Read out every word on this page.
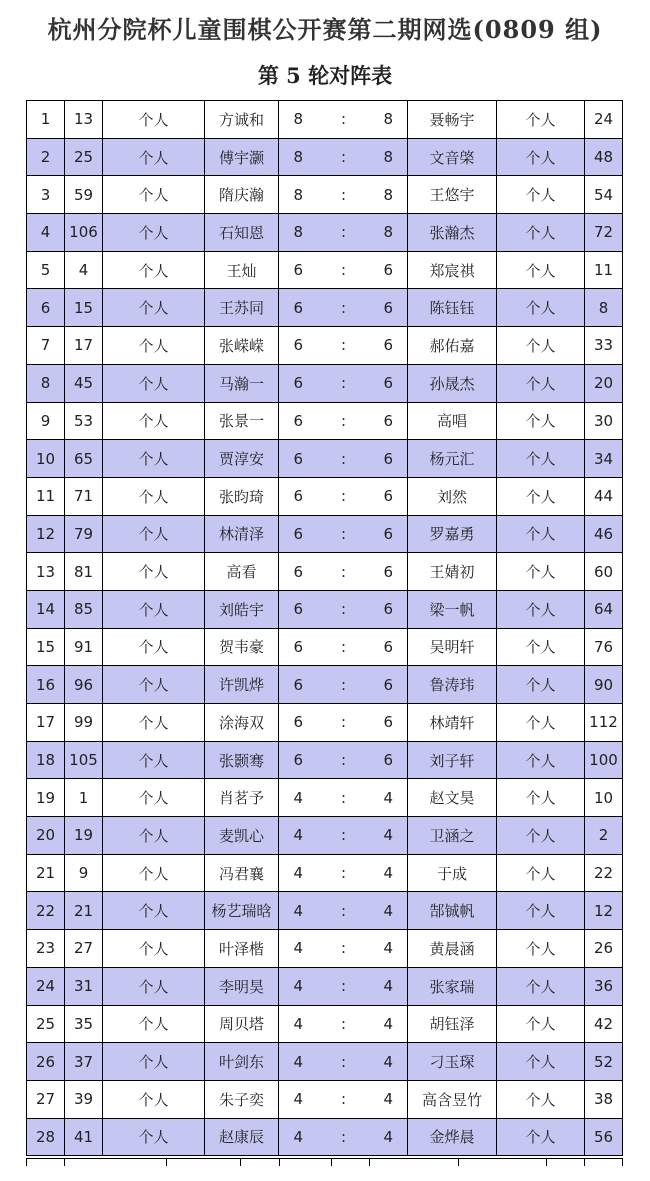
杭州分院杯儿童围棋公开赛第二期网选(0809 组)
第 5 轮对阵表
1	13	个人	方诚和	8	:	8	聂畅宇	个人	24
2	25	个人	傅宇灏	8	:	8	文音棨	个人	48
3	59	个人	隋庆瀚	8	:	8	王悠宇	个人	54
4	106	个人	石知恩	8	:	8	张瀚杰	个人	72
5	4	个人	王灿	6	:	6	郑宸祺	个人	11
6	15	个人	王苏同	6	:	6	陈钰钰	个人	8
7	17	个人	张嵘嵘	6	:	6	郝佑嘉	个人	33
8	45	个人	马瀚一	6	:	6	孙晟杰	个人	20
9	53	个人	张景一	6	:	6	高唱	个人	30
10	65	个人	贾淳安	6	:	6	杨元汇	个人	34
11	71	个人	张昀琦	6	:	6	刘然	个人	44
12	79	个人	林清泽	6	:	6	罗嘉勇	个人	46
13	81	个人	高看	6	:	6	王婧初	个人	60
14	85	个人	刘皓宇	6	:	6	梁一帆	个人	64
15	91	个人	贺韦豪	6	:	6	吴明轩	个人	76
16	96	个人	许凯烨	6	:	6	鲁涛玮	个人	90
17	99	个人	涂海双	6	:	6	林靖轩	个人	112
18	105	个人	张颢骞	6	:	6	刘子轩	个人	100
19	1	个人	肖茗予	4	:	4	赵文昊	个人	10
20	19	个人	麦凯心	4	:	4	卫涵之	个人	2
21	9	个人	冯君襄	4	:	4	于成	个人	22
22	21	个人	杨艺瑞晗	4	:	4	郜铖帆	个人	12
23	27	个人	叶泽楷	4	:	4	黄晨涵	个人	26
24	31	个人	李明昊	4	:	4	张家瑞	个人	36
25	35	个人	周贝塔	4	:	4	胡钰泽	个人	42
26	37	个人	叶剑东	4	:	4	刁玉琛	个人	52
27	39	个人	朱子奕	4	:	4	高含昱竹	个人	38
28	41	个人	赵康辰	4	:	4	金烨晨	个人	56
